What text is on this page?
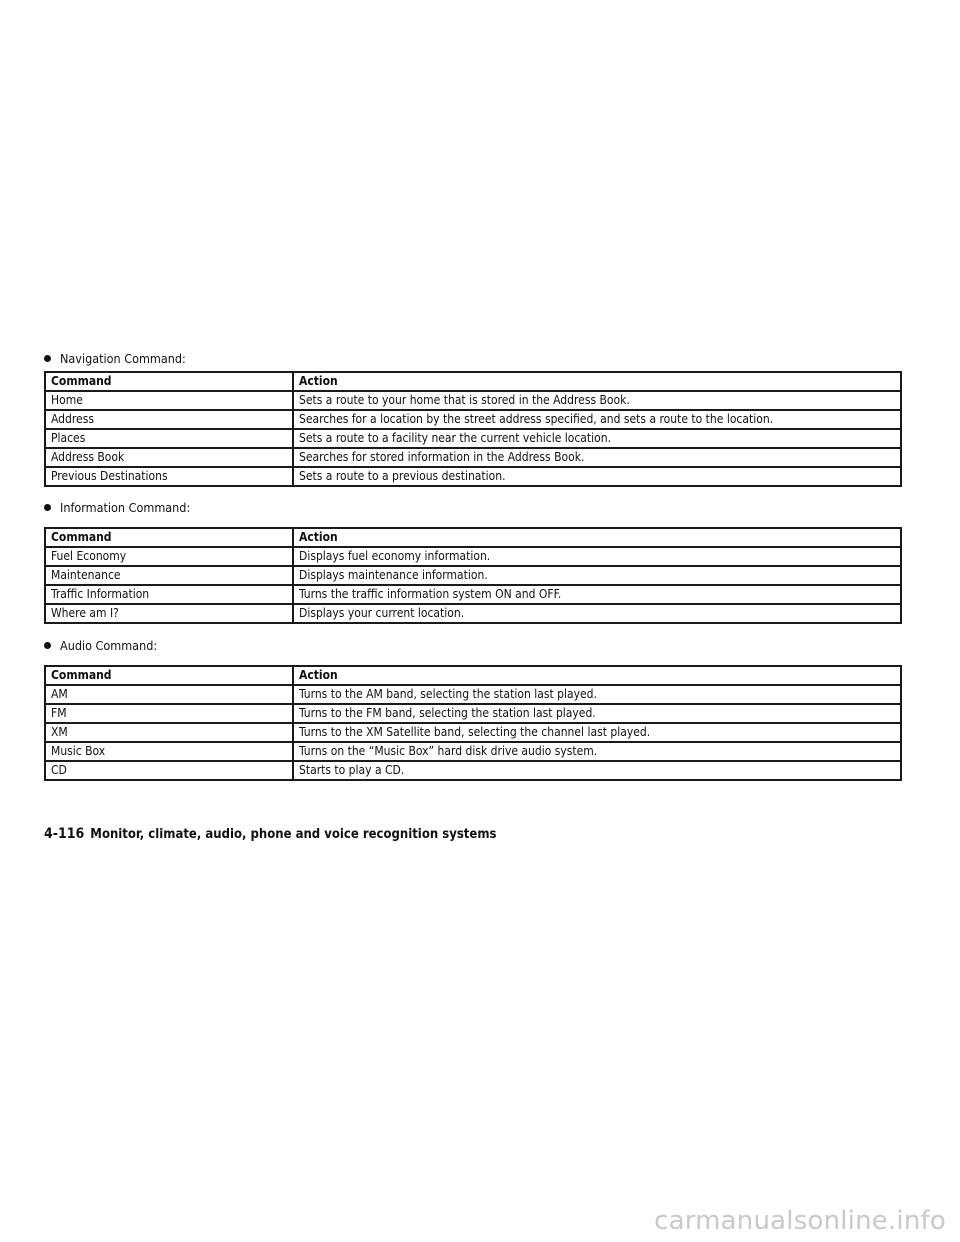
Navigation Command:
Command	Action
Home	Sets a route to your home that is stored in the Address Book.
Address	Searches for a location by the street address specified, and sets a route to the location.
Places	Sets a route to a facility near the current vehicle location.
Address Book	Searches for stored information in the Address Book.
Previous Destinations	Sets a route to a previous destination.
Information Command:
Command	Action
Fuel Economy	Displays fuel economy information.
Maintenance	Displays maintenance information.
Traffic Information	Turns the traffic information system ON and OFF.
Where am I?	Displays your current location.
Audio Command:
Command	Action
AM	Turns to the AM band, selecting the station last played.
FM	Turns to the FM band, selecting the station last played.
XM	Turns to the XM Satellite band, selecting the channel last played.
Music Box	Turns on the “Music Box” hard disk drive audio system.
CD	Starts to play a CD.
4-116 Monitor, climate, audio, phone and voice recognition systems
carmanualsonline.info
